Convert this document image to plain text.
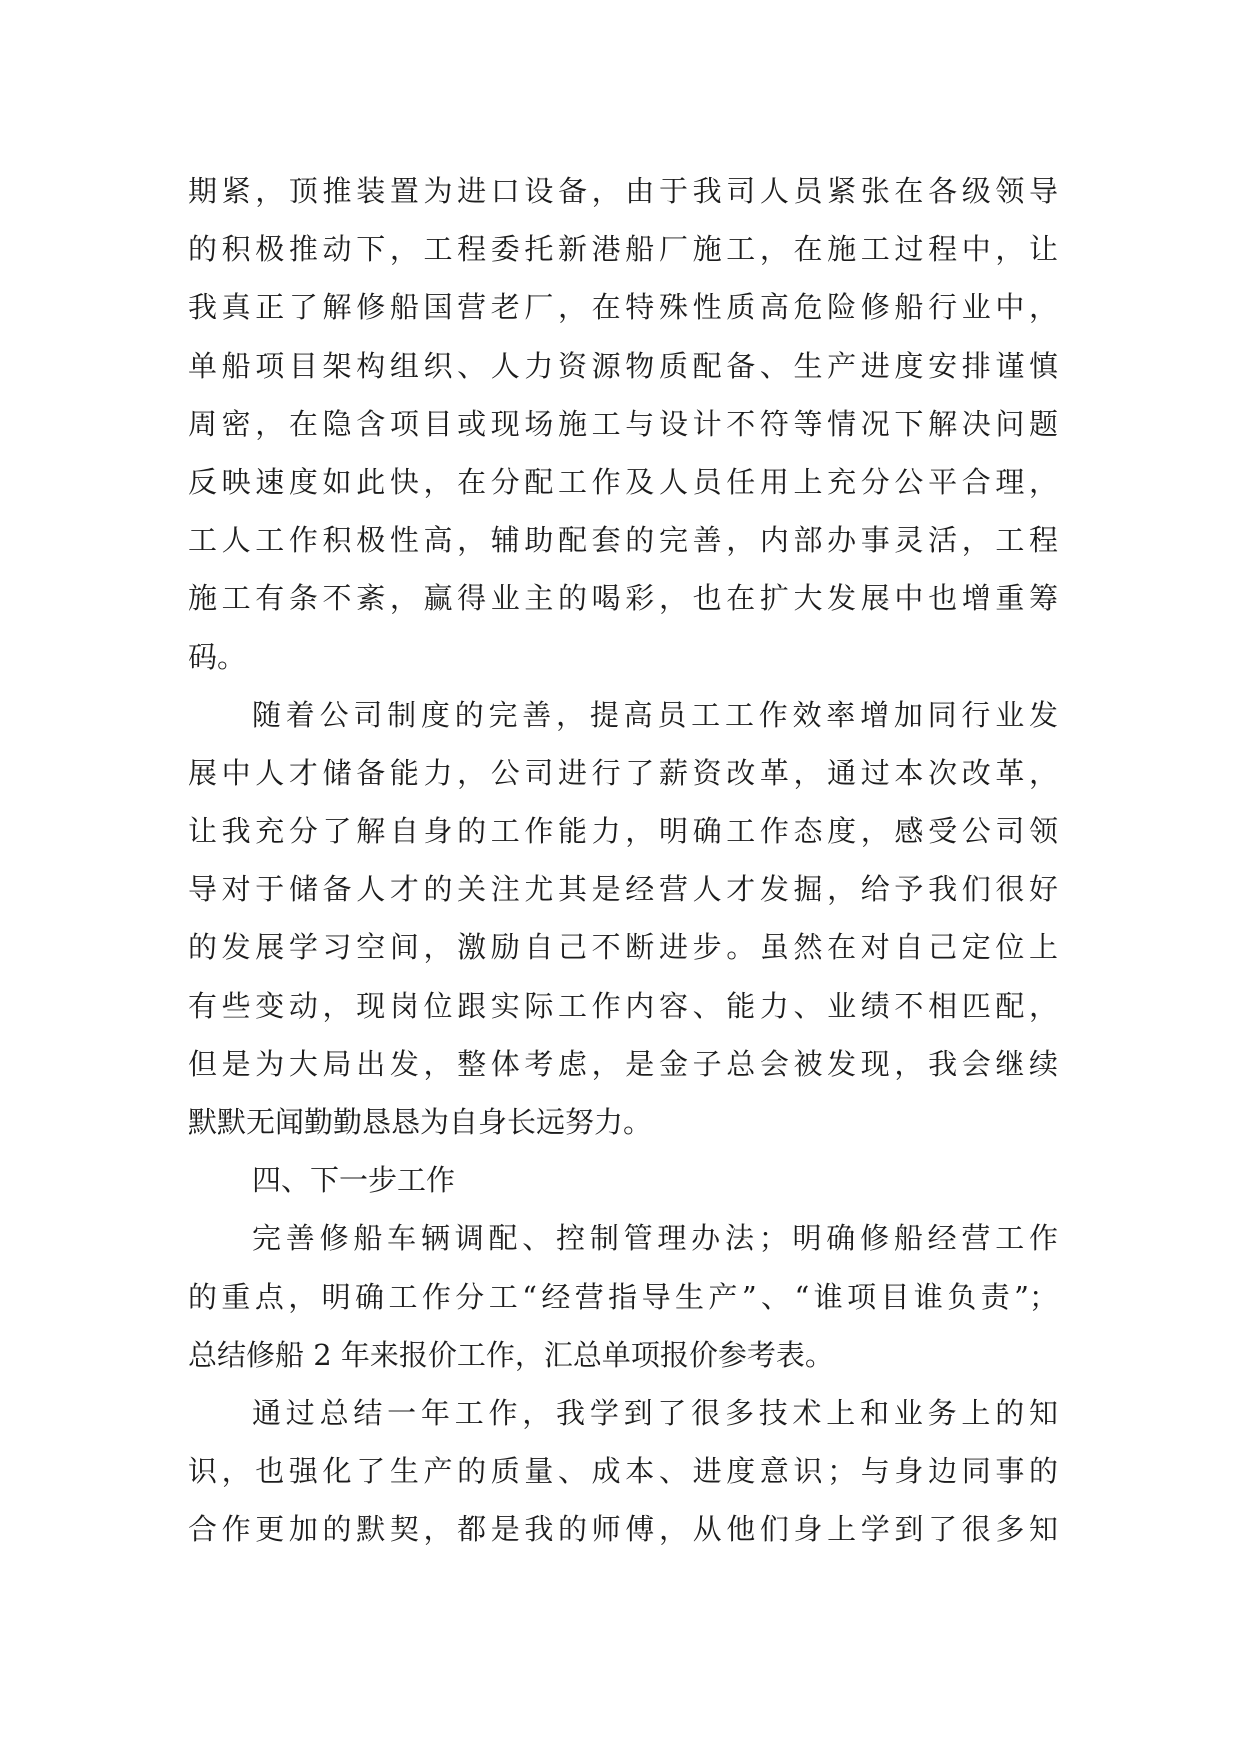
期紧，顶推装置为进口设备，由于我司人员紧张在各级领导
的积极推动下，工程委托新港船厂施工，在施工过程中，让
我真正了解修船国营老厂，在特殊性质高危险修船行业中，
单船项目架构组织、人力资源物质配备、生产进度安排谨慎
周密，在隐含项目或现场施工与设计不符等情况下解决问题
反映速度如此快，在分配工作及人员任用上充分公平合理，
工人工作积极性高，辅助配套的完善，内部办事灵活，工程
施工有条不紊，赢得业主的喝彩，也在扩大发展中也增重筹
码。
随着公司制度的完善，提高员工工作效率增加同行业发
展中人才储备能力，公司进行了薪资改革，通过本次改革，
让我充分了解自身的工作能力，明确工作态度，感受公司领
导对于储备人才的关注尤其是经营人才发掘，给予我们很好
的发展学习空间，激励自己不断进步。虽然在对自己定位上
有些变动，现岗位跟实际工作内容、能力、业绩不相匹配，
但是为大局出发，整体考虑，是金子总会被发现，我会继续
默默无闻勤勤恳恳为自身长远努力。
四、下一步工作
完善修船车辆调配、控制管理办法；明确修船经营工作
的重点，明确工作分工“经营指导生产”、“谁项目谁负责”；
总结修船 2 年来报价工作，汇总单项报价参考表。
通过总结一年工作，我学到了很多技术上和业务上的知
识，也强化了生产的质量、成本、进度意识；与身边同事的
合作更加的默契，都是我的师傅，从他们身上学到了很多知
